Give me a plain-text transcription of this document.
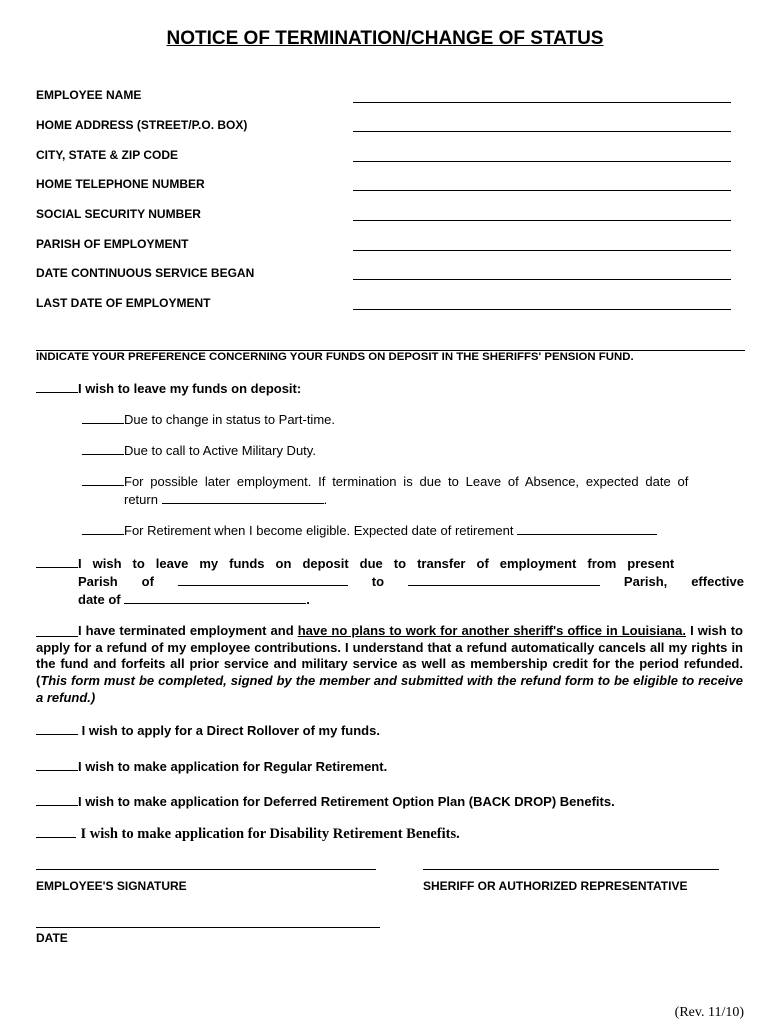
NOTICE OF TERMINATION/CHANGE OF STATUS
EMPLOYEE NAME
HOME ADDRESS (STREET/P.O. BOX)
CITY, STATE & ZIP CODE
HOME TELEPHONE NUMBER
SOCIAL SECURITY NUMBER
PARISH OF EMPLOYMENT
DATE CONTINUOUS SERVICE BEGAN
LAST DATE OF EMPLOYMENT
INDICATE YOUR PREFERENCE CONCERNING YOUR FUNDS ON DEPOSIT IN THE SHERIFFS' PENSION FUND.
I wish to leave my funds on deposit:
Due to change in status to Part-time.
Due to call to Active Military Duty.
For possible later employment. If termination is due to Leave of Absence, expected date of
return	.
For Retirement when I become eligible. Expected date of retirement
I wish to leave my funds on deposit due to transfer of employment from present
Parish of	to	Parish, effective
date of	.
I have terminated employment and have no plans to work for another sheriff's office in Louisiana. I wish to apply for a refund of my employee contributions. I understand that a refund automatically cancels all my rights in the fund and forfeits all prior service and military service as well as membership credit for the period refunded. (This form must be completed, signed by the member and submitted with the refund form to be eligible to receive a refund.)
I wish to apply for a Direct Rollover of my funds.
I wish to make application for Regular Retirement.
I wish to make application for Deferred Retirement Option Plan (BACK DROP) Benefits.
I wish to make application for Disability Retirement Benefits.
EMPLOYEE'S SIGNATURE	SHERIFF OR AUTHORIZED REPRESENTATIVE
DATE
(Rev. 11/10)
